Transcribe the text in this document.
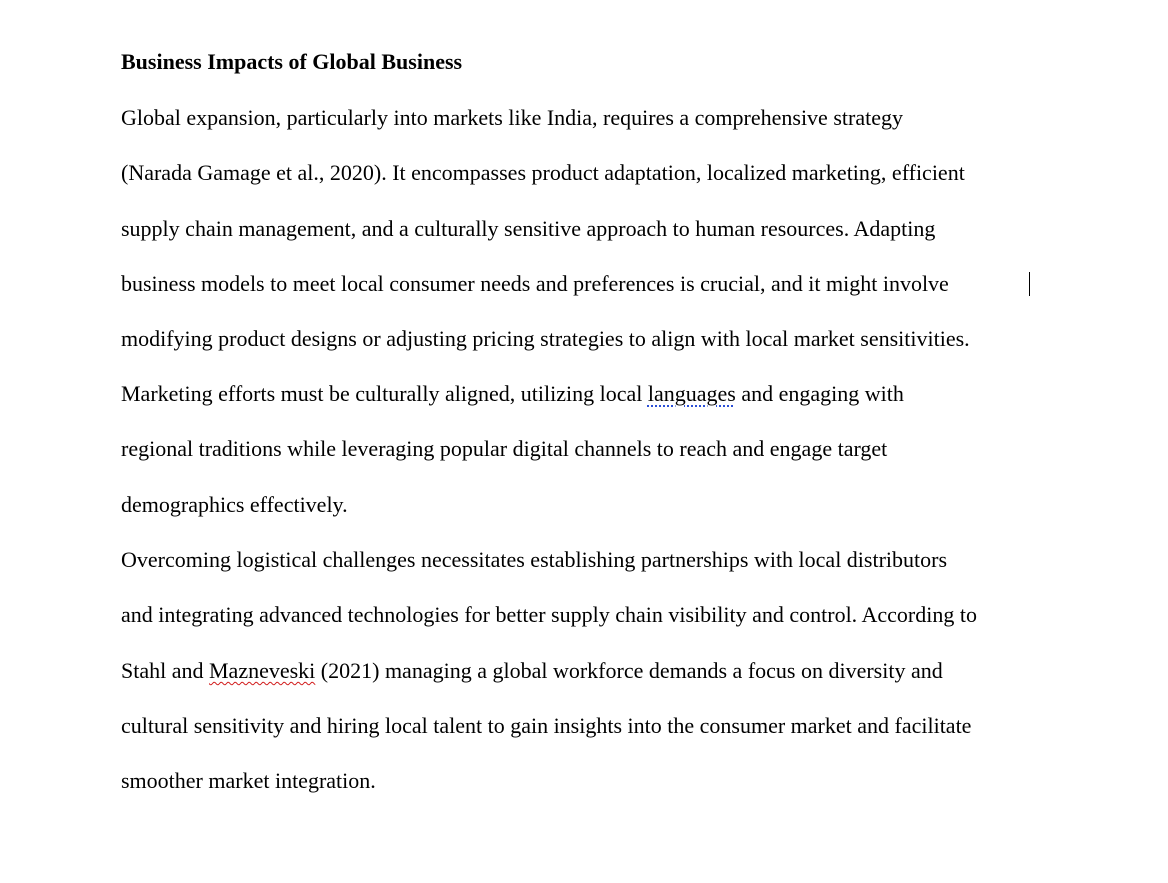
Business Impacts of Global Business
Global expansion, particularly into markets like India, requires a comprehensive strategy
(Narada Gamage et al., 2020). It encompasses product adaptation, localized marketing, efficient
supply chain management, and a culturally sensitive approach to human resources. Adapting
business models to meet local consumer needs and preferences is crucial, and it might involve
modifying product designs or adjusting pricing strategies to align with local market sensitivities.
Marketing efforts must be culturally aligned, utilizing local languages and engaging with
regional traditions while leveraging popular digital channels to reach and engage target
demographics effectively.
Overcoming logistical challenges necessitates establishing partnerships with local distributors
and integrating advanced technologies for better supply chain visibility and control. According to
Stahl and Mazneveski (2021) managing a global workforce demands a focus on diversity and
cultural sensitivity and hiring local talent to gain insights into the consumer market and facilitate
smoother market integration.
